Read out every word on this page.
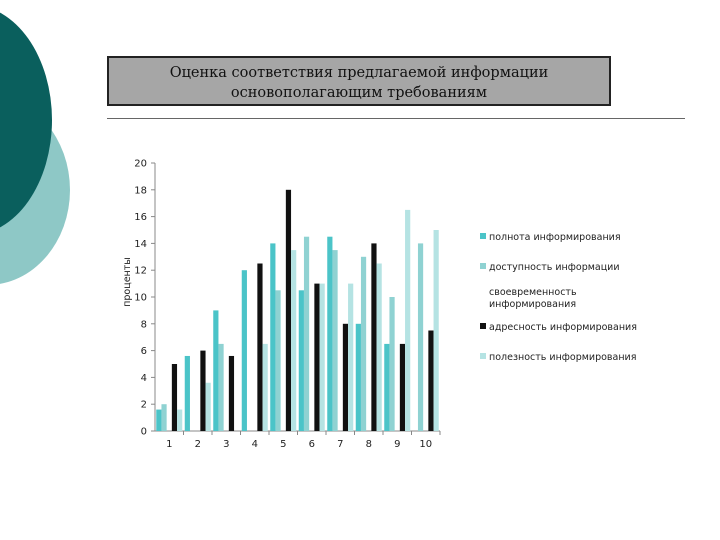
Оценка соответствия предлагаемой информации
основополагающим требованиям
0
2
4
6
8
10
12
14
16
18
20
проценты
1 2 3 4 5 6 7 8 9 10
полнота информирования
доступность информации
своевременность
информирования
адресность информирования
полезность информирования
